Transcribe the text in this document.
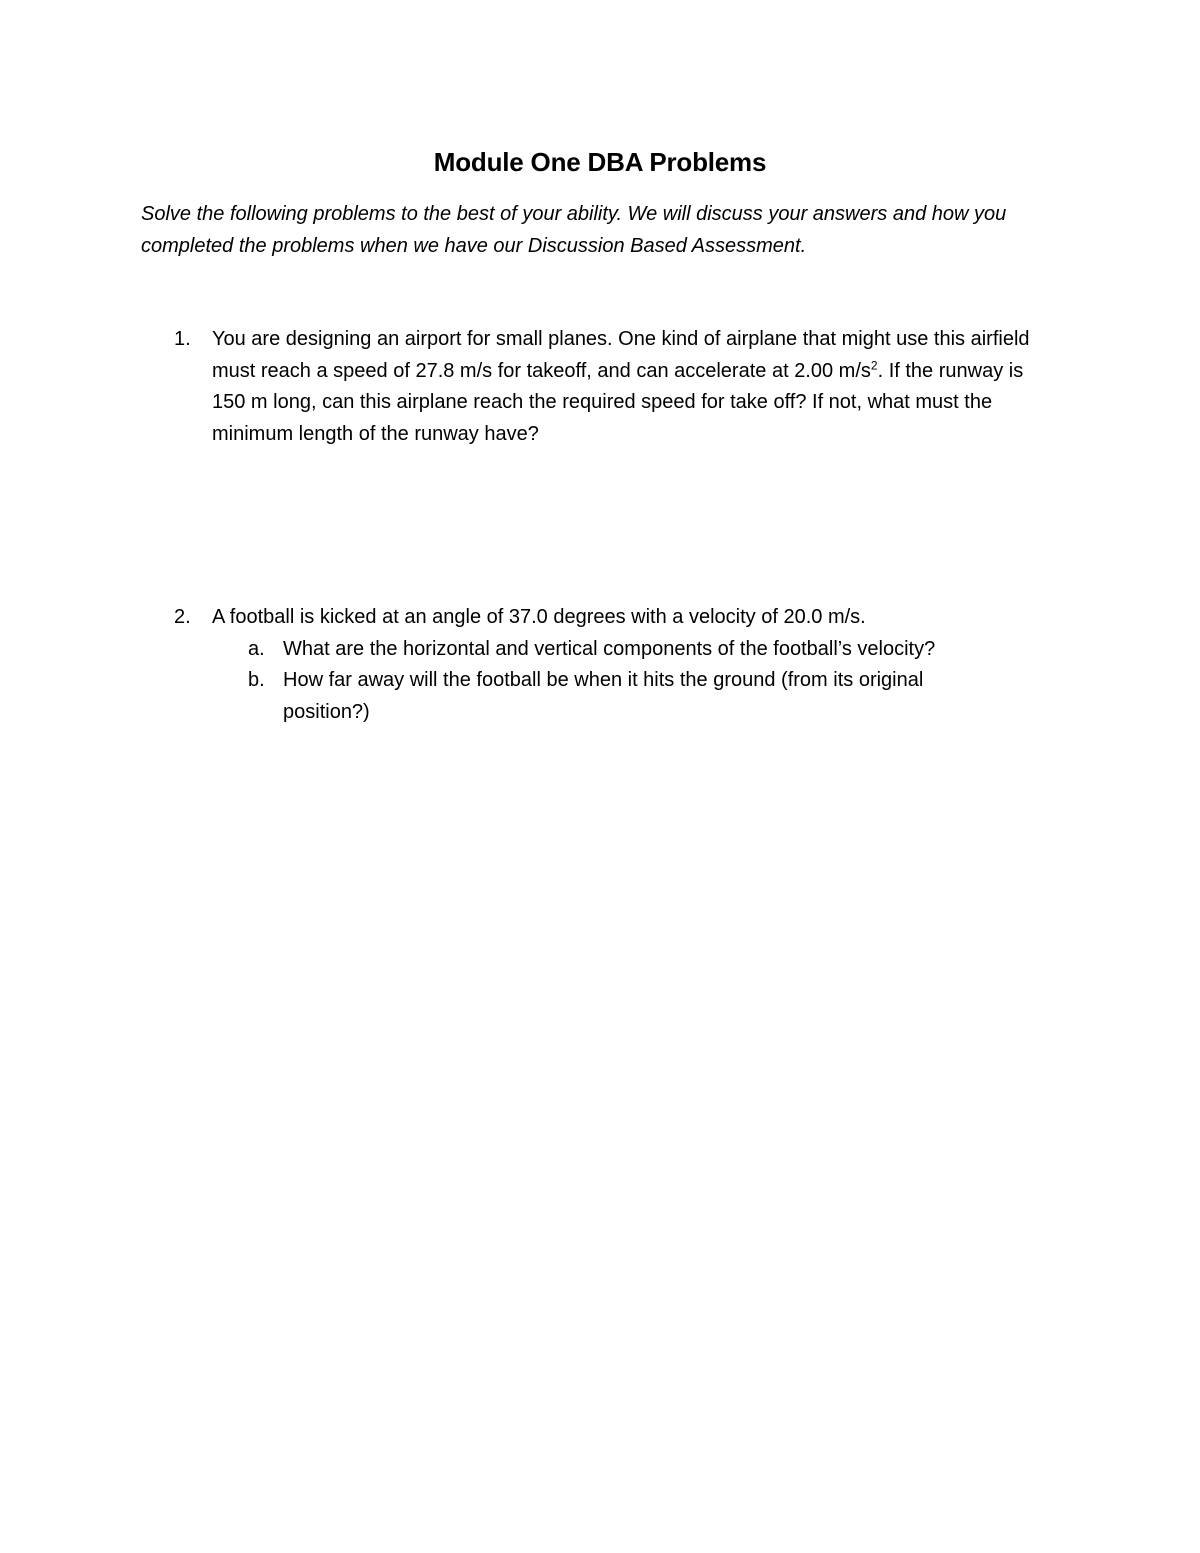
Module One DBA Problems
Solve the following problems to the best of your ability. We will discuss your answers and how you completed the problems when we have our Discussion Based Assessment.
1.	You are designing an airport for small planes. One kind of airplane that might use this airfield must reach a speed of 27.8 m/s for takeoff, and can accelerate at 2.00 $m/s^2$. If the runway is 150 m long, can this airplane reach the required speed for take off? If not, what must the minimum length of the runway have?
2.	A football is kicked at an angle of 37.0 degrees with a velocity of 20.0 m/s.
a. What are the horizontal and vertical components of the football’s velocity?
b. How far away will the football be when it hits the ground (from its original position?)
